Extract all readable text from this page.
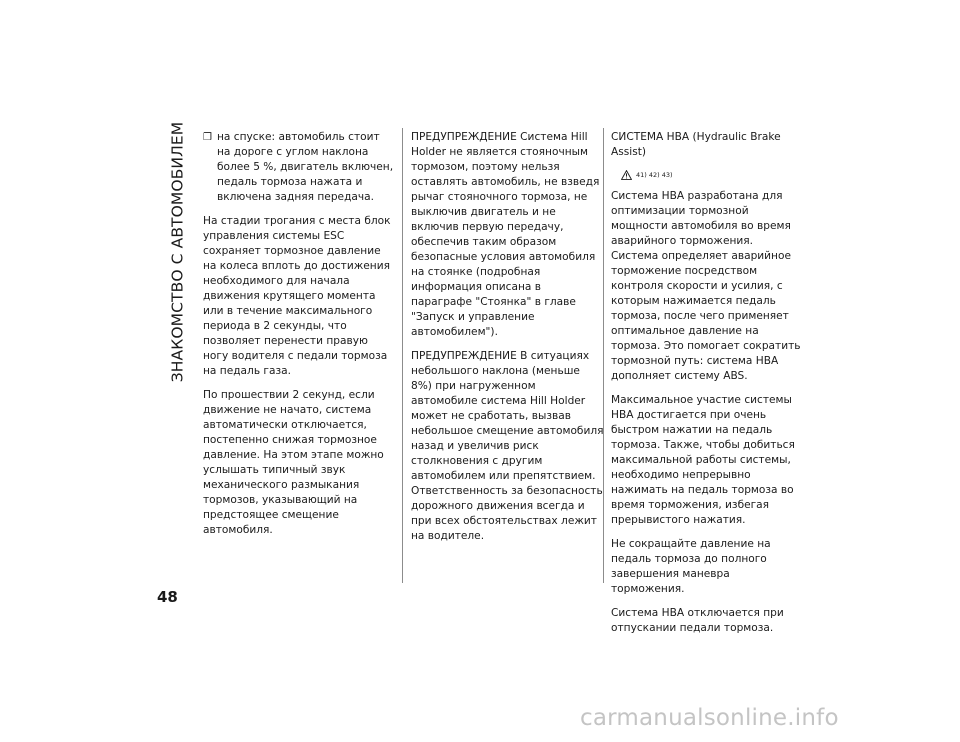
ЗНАКОМСТВО С АВТОМОБИЛЕМ ❒ на спуске: автомобиль стоит на дороге с углом наклона более 5 %, двигатель включен, педаль тормоза нажата и включена задняя передача.

На стадии трогания с места блок управления системы ESC сохраняет тормозное давление на колеса вплоть до достижения необходимого для начала движения крутящего момента или в течение максимального периода в 2 секунды, что позволяет перенести правую ногу водителя с педали тормоза на педаль газа.

По прошествии 2 секунд, если движение не начато, система автоматически отключается, постепенно снижая тормозное давление. На этом этапе можно услышать типичный звук механического размыкания тормозов, указывающий на предстоящее смещение автомобиля.

ПРЕДУПРЕЖДЕНИЕ Система Hill Holder не является стояночным тормозом, поэтому нельзя оставлять автомобиль, не взведя рычаг стояночного тормоза, не выключив двигатель и не включив первую передачу, обеспечив таким образом безопасные условия автомобиля на стоянке (подробная информация описана в параграфе "Стоянка" в главе "Запуск и управление автомобилем").

ПРЕДУПРЕЖДЕНИЕ В ситуациях небольшого наклона (меньше 8%) при нагруженном автомобиле система Hill Holder может не сработать, вызвав небольшое смещение автомобиля назад и увеличив риск столкновения с другим автомобилем или препятствием. Ответственность за безопасность дорожного движения всегда и при всех обстоятельствах лежит на водителе.

СИСТЕМА HBA (Hydraulic Brake Assist)

41) 42) 43)

Система HBA разработана для оптимизации тормозной мощности автомобиля во время аварийного торможения. Система определяет аварийное торможение посредством контроля скорости и усилия, с которым нажимается педаль тормоза, после чего применяет оптимальное давление на тормоза. Это помогает сократить тормозной путь: система HBA дополняет систему ABS.

Максимальное участие системы HBA достигается при очень быстром нажатии на педаль тормоза. Также, чтобы добиться максимальной работы системы, необходимо непрерывно нажимать на педаль тормоза во время торможения, избегая прерывистого нажатия.

Не сокращайте давление на педаль тормоза до полного завершения маневра торможения.

Система HBA отключается при отпускании педали тормоза.

48
carmanualsonline.info
